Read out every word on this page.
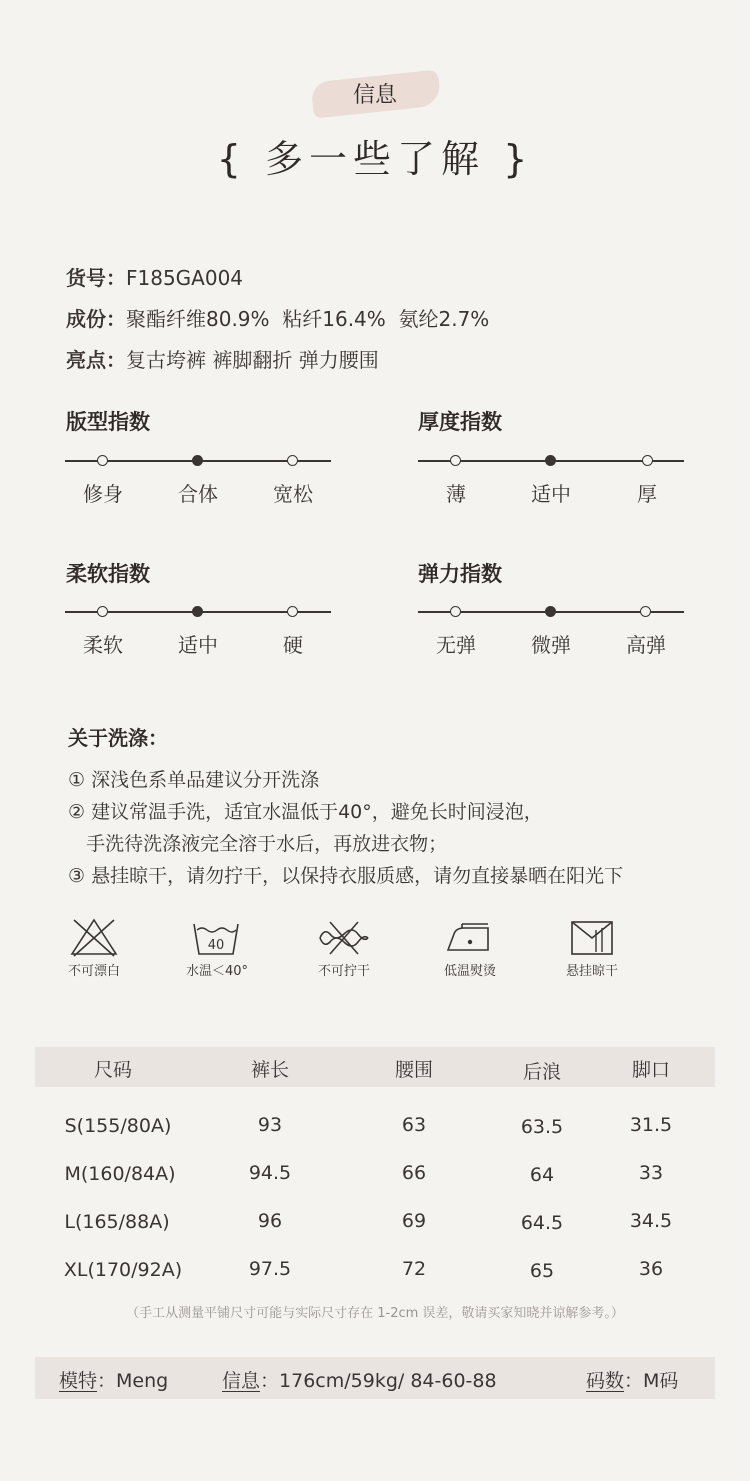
信息
{ 多一些了解 }
货号：F185GA004
成份：聚酯纤维80.9%  粘纤16.4%  氨纶2.7%
亮点：复古垮裤 裤脚翻折 弹力腰围
版型指数
修身	合体	宽松
厚度指数
薄	适中	厚
柔软指数
柔软	适中	硬
弹力指数
无弹	微弹	高弹
关于洗涤：
① 深浅色系单品建议分开洗涤
② 建议常温手洗，适宜水温低于40°，避免长时间浸泡，
手洗待洗涤液完全溶于水后，再放进衣物；
③ 悬挂晾干，请勿拧干，以保持衣服质感，请勿直接暴晒在阳光下
不可漂白
40
水温＜40°	不可拧干	低温熨烫	悬挂晾干
尺码	裤长	腰围	后浪	脚口
S(155/80A)	93	63	63.5	31.5
M(160/84A)	94.5	66	64	33
L(165/88A)	96	69	64.5	34.5
XL(170/92A)	97.5	72	65	36
（手工从测量平铺尺寸可能与实际尺寸存在 1-2cm 误差，敬请买家知晓并谅解参考。）
模特：Meng	信息：176cm/59kg/ 84-60-88	码数：M码
